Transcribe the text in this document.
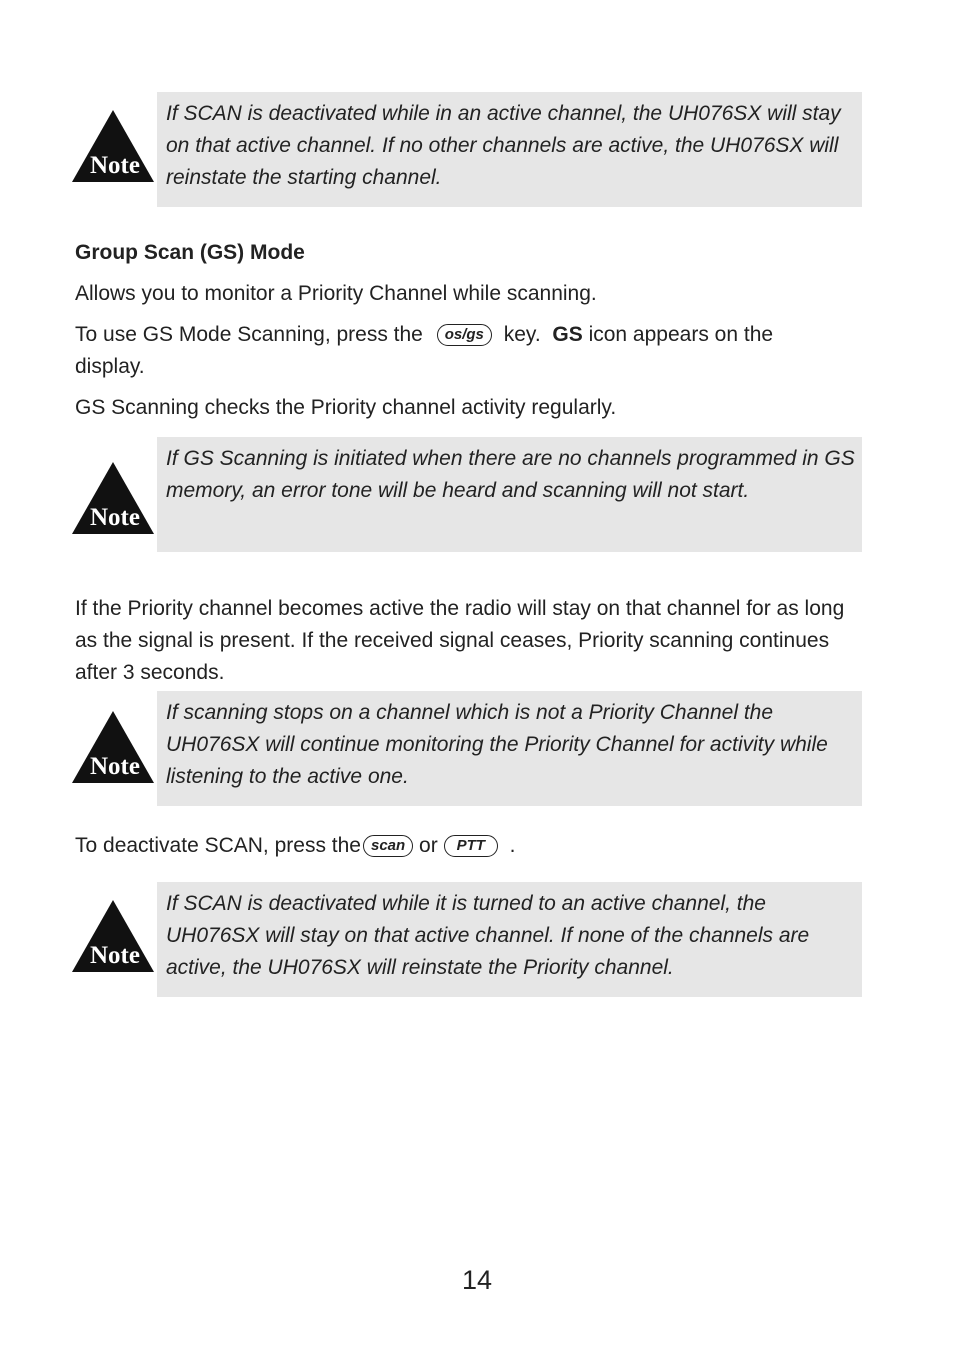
Note
If SCAN is deactivated while in an active channel, the UH076SX will stay on that active channel. If no other channels are active, the UH076SX will reinstate the starting channel.
Group Scan (GS) Mode
Allows you to monitor a Priority Channel while scanning.
To use GS Mode Scanning, press the os/gs key. GS icon appears on the display.
GS Scanning checks the Priority channel activity regularly.
Note
If GS Scanning is initiated when there are no channels programmed in GS memory, an error tone will be heard and scanning will not start.
If the Priority channel becomes active the radio will stay on that channel for as long as the signal is present. If the received signal ceases, Priority scanning continues after 3 seconds.
Note
If scanning stops on a channel which is not a Priority Channel the UH076SX will continue monitoring the Priority Channel for activity while listening to the active one.
To deactivate SCAN, press the scan or PTT .
Note
If SCAN is deactivated while it is turned to an active channel, the UH076SX will stay on that active channel. If none of the channels are active, the UH076SX will reinstate the Priority channel.
14
